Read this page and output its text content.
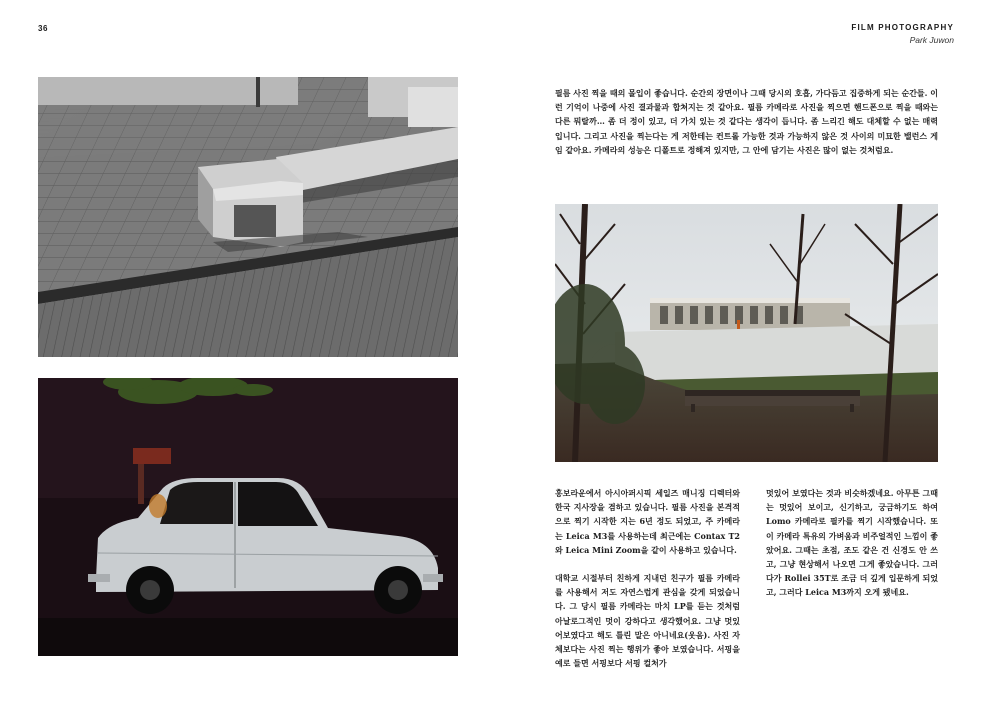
36	FILM PHOTOGRAPHY
Park Juwon

필름 사진 찍을 때의 몰입이 좋습니다. 순간의 장면이나 그때 당시의 호흡, 가다듬고 집중하게 되는 순간들. 이런 기억이 나중에 사진 결과물과 합쳐지는 것 같아요. 필름 카메라로 사진을 찍으면 핸드폰으로 찍을 때와는 다른 뭐랄까… 좀 더 정이 있고, 더 가치 있는 것 같다는 생각이 듭니다. 좀 느리긴 해도 대체할 수 없는 매력입니다. 그리고 사진을 찍는다는 게 저한테는 컨트롤 가능한 것과 가능하지 않은 것 사이의 미묘한 밸런스 게임 같아요. 카메라의 성능은 디폴트로 정해져 있지만, 그 안에 담기는 사진은 많이 없는 것처럼요.

홍보라운에서 아시아퍼시픽 세일즈 매니징 디렉터와 한국 지사장을 겸하고 있습니다. 필름 사진을 본격적으로 찍기 시작한 지는 6년 정도 되었고, 주 카메라는 Leica M3를 사용하는데 최근에는 Contax T2와 Leica Mini Zoom을 같이 사용하고 있습니다.

대학교 시절부터 친하게 지내던 친구가 필름 카메라를 사용해서 저도 자연스럽게 관심을 갖게 되었습니다. 그 당시 필름 카메라는 마치 LP를 듣는 것처럼 아날로그적인 멋이 강하다고 생각했어요. 그냥 멋있어보였다고 해도 틀린 말은 아니네요(웃음). 사진 자체보다는 사진 찍는 행위가 좋아 보였습니다. 서핑을 예로 들면 서핑보다 서핑 컬처가

멋있어 보였다는 것과 비슷하겠네요. 아무튼 그때는 멋있어 보이고, 신기하고, 궁금하기도 하여 Lomo 카메라로 필카를 찍기 시작했습니다. 또이 카메라 특유의 가벼움과 비주얼적인 느낌이 좋았어요. 그때는 초점, 조도 같은 건 신경도 안 쓰고, 그냥 현상해서 나오면 그게 좋았습니다. 그러다가 Rollei 35T로 조금 더 깊게 입문하게 되었고, 그러다 Leica M3까지 오게 됐네요.
